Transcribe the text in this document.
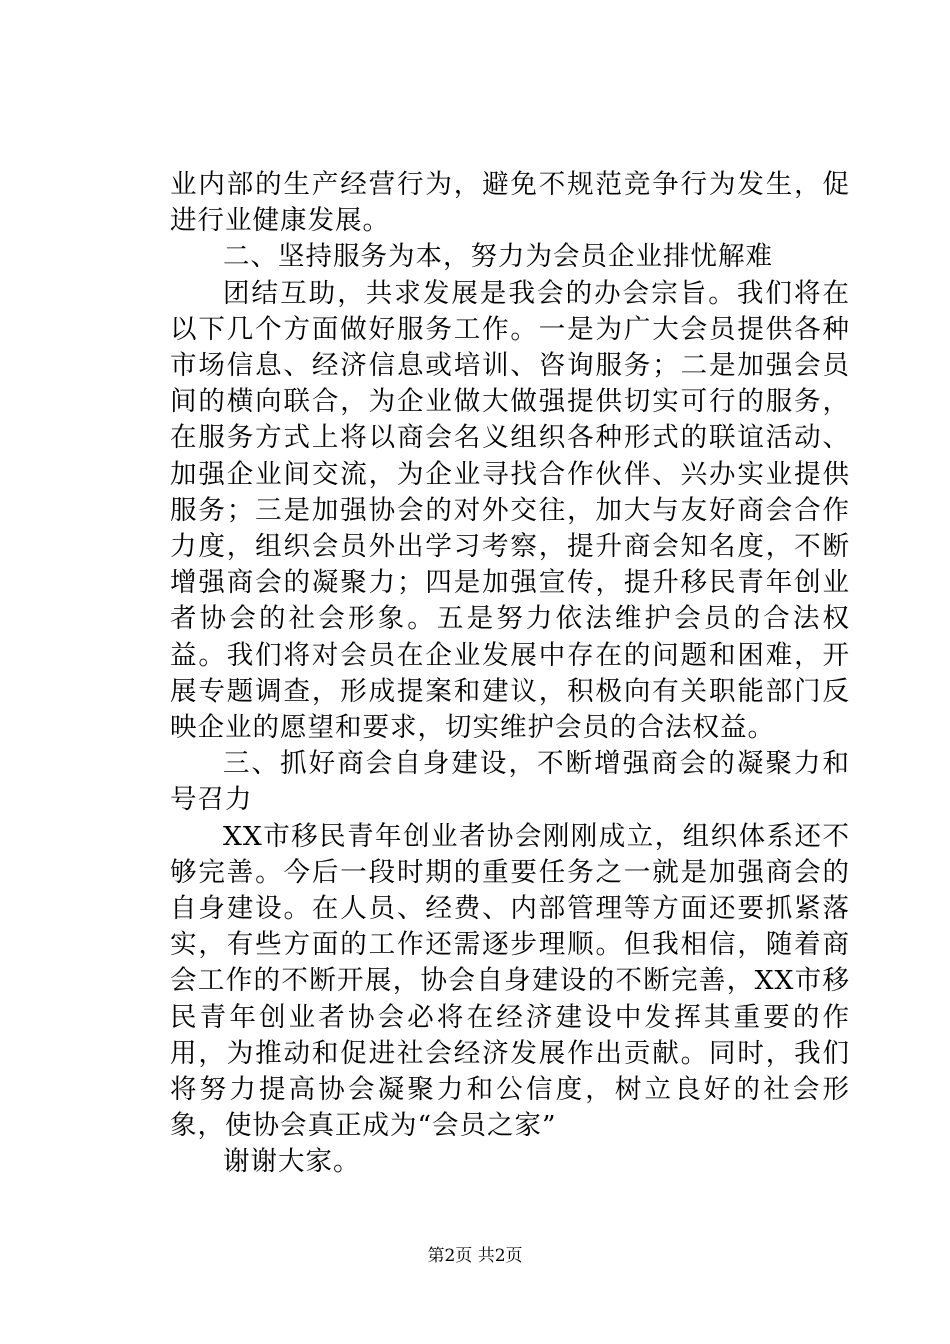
业内部的生产经营行为，避免不规范竞争行为发生，促进行业健康发展。

二、坚持服务为本，努力为会员企业排忧解难

团结互助，共求发展是我会的办会宗旨。我们将在以下几个方面做好服务工作。一是为广大会员提供各种市场信息、经济信息或培训、咨询服务；二是加强会员间的横向联合，为企业做大做强提供切实可行的服务，在服务方式上将以商会名义组织各种形式的联谊活动、加强企业间交流，为企业寻找合作伙伴、兴办实业提供服务；三是加强协会的对外交往，加大与友好商会合作力度，组织会员外出学习考察，提升商会知名度，不断增强商会的凝聚力；四是加强宣传，提升移民青年创业者协会的社会形象。五是努力依法维护会员的合法权益。我们将对会员在企业发展中存在的问题和困难，开展专题调查，形成提案和建议，积极向有关职能部门反映企业的愿望和要求，切实维护会员的合法权益。

三、抓好商会自身建设，不断增强商会的凝聚力和号召力

XX市移民青年创业者协会刚刚成立，组织体系还不够完善。今后一段时期的重要任务之一就是加强商会的自身建设。在人员、经费、内部管理等方面还要抓紧落实，有些方面的工作还需逐步理顺。但我相信，随着商会工作的不断开展，协会自身建设的不断完善，XX市移民青年创业者协会必将在经济建设中发挥其重要的作用，为推动和促进社会经济发展作出贡献。同时，我们将努力提高协会凝聚力和公信度，树立良好的社会形象，使协会真正成为“会员之家”

谢谢大家。

第2页 共2页
